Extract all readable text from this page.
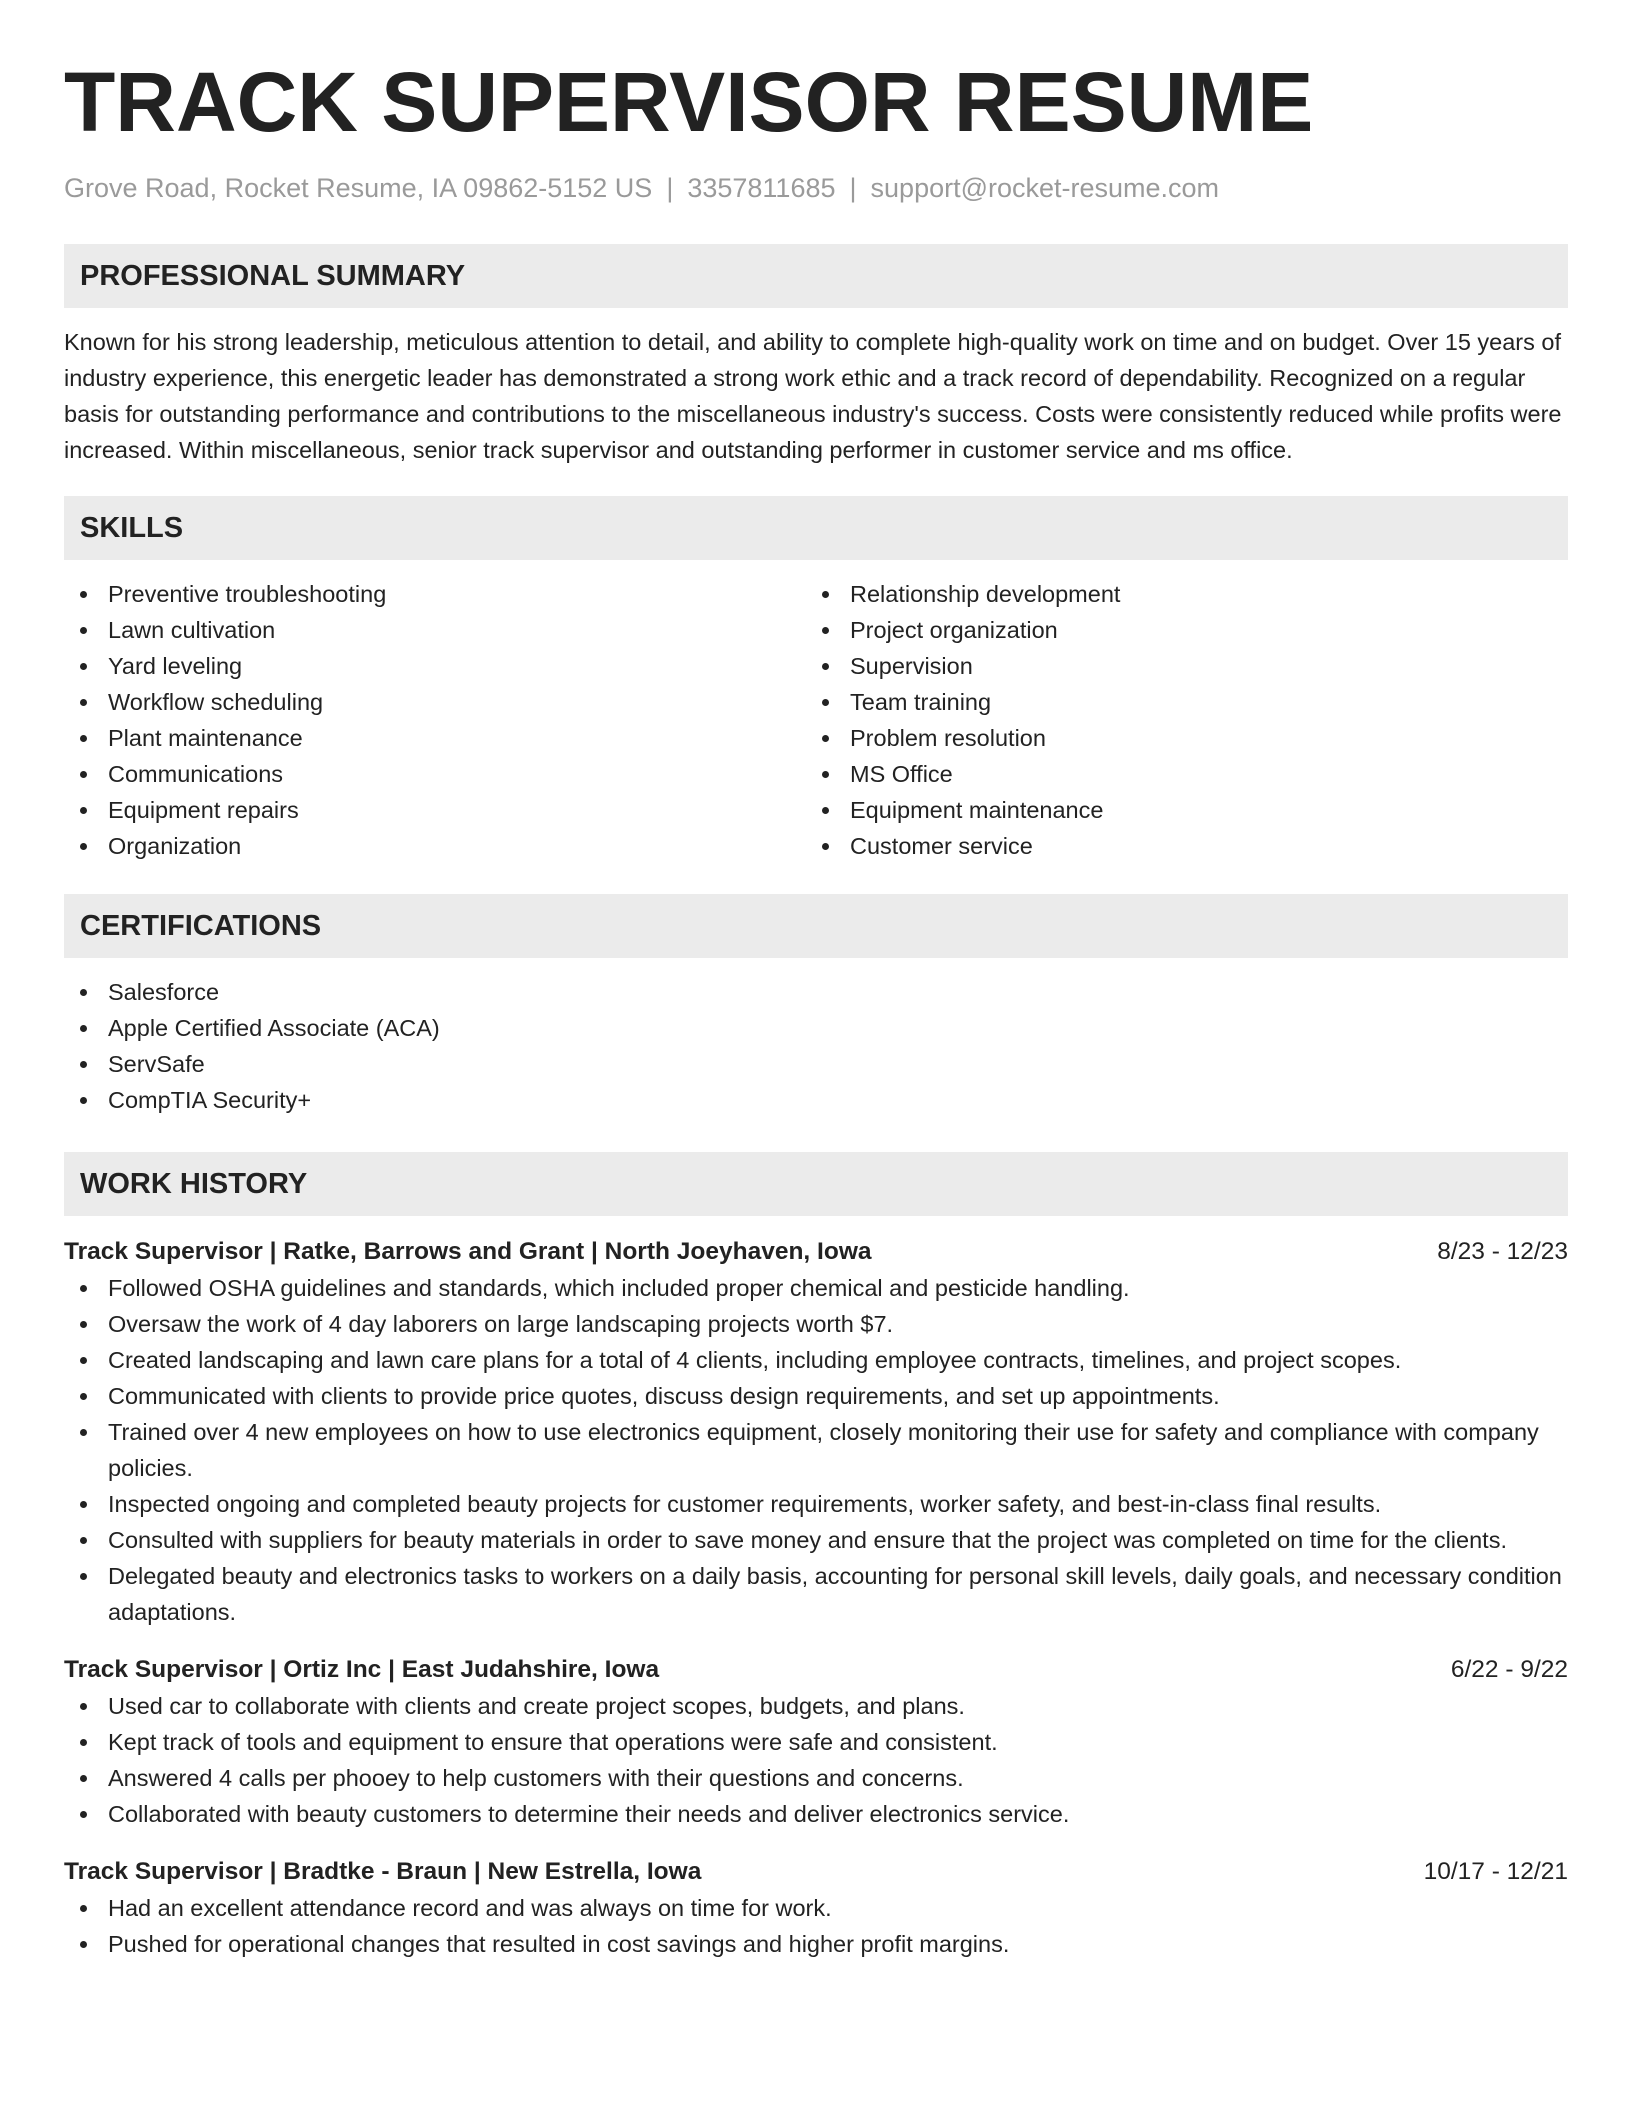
TRACK SUPERVISOR RESUME
Grove Road, Rocket Resume, IA 09862-5152 US | 3357811685 | support@rocket-resume.com
PROFESSIONAL SUMMARY

Known for his strong leadership, meticulous attention to detail, and ability to complete high-quality work on time and on budget. Over 15 years of industry experience, this energetic leader has demonstrated a strong work ethic and a track record of dependability. Recognized on a regular basis for outstanding performance and contributions to the miscellaneous industry's success. Costs were consistently reduced while profits were increased. Within miscellaneous, senior track supervisor and outstanding performer in customer service and ms office.

SKILLS
Preventive troubleshooting
Lawn cultivation
Yard leveling
Workflow scheduling
Plant maintenance
Communications
Equipment repairs
Organization
Relationship development
Project organization
Supervision
Team training
Problem resolution
MS Office
Equipment maintenance
Customer service
CERTIFICATIONS
Salesforce
Apple Certified Associate (ACA)
ServSafe
CompTIA Security+
WORK HISTORY
Track Supervisor | Ratke, Barrows and Grant | North Joeyhaven, Iowa	8/23 - 12/23
Followed OSHA guidelines and standards, which included proper chemical and pesticide handling.
Oversaw the work of 4 day laborers on large landscaping projects worth $7.
Created landscaping and lawn care plans for a total of 4 clients, including employee contracts, timelines, and project scopes.
Communicated with clients to provide price quotes, discuss design requirements, and set up appointments.
Trained over 4 new employees on how to use electronics equipment, closely monitoring their use for safety and compliance with company policies.
Inspected ongoing and completed beauty projects for customer requirements, worker safety, and best-in-class final results.
Consulted with suppliers for beauty materials in order to save money and ensure that the project was completed on time for the clients.
Delegated beauty and electronics tasks to workers on a daily basis, accounting for personal skill levels, daily goals, and necessary condition adaptations.
Track Supervisor | Ortiz Inc | East Judahshire, Iowa	6/22 - 9/22
Used car to collaborate with clients and create project scopes, budgets, and plans.
Kept track of tools and equipment to ensure that operations were safe and consistent.
Answered 4 calls per phooey to help customers with their questions and concerns.
Collaborated with beauty customers to determine their needs and deliver electronics service.
Track Supervisor | Bradtke - Braun | New Estrella, Iowa	10/17 - 12/21
Had an excellent attendance record and was always on time for work.
Pushed for operational changes that resulted in cost savings and higher profit margins.
